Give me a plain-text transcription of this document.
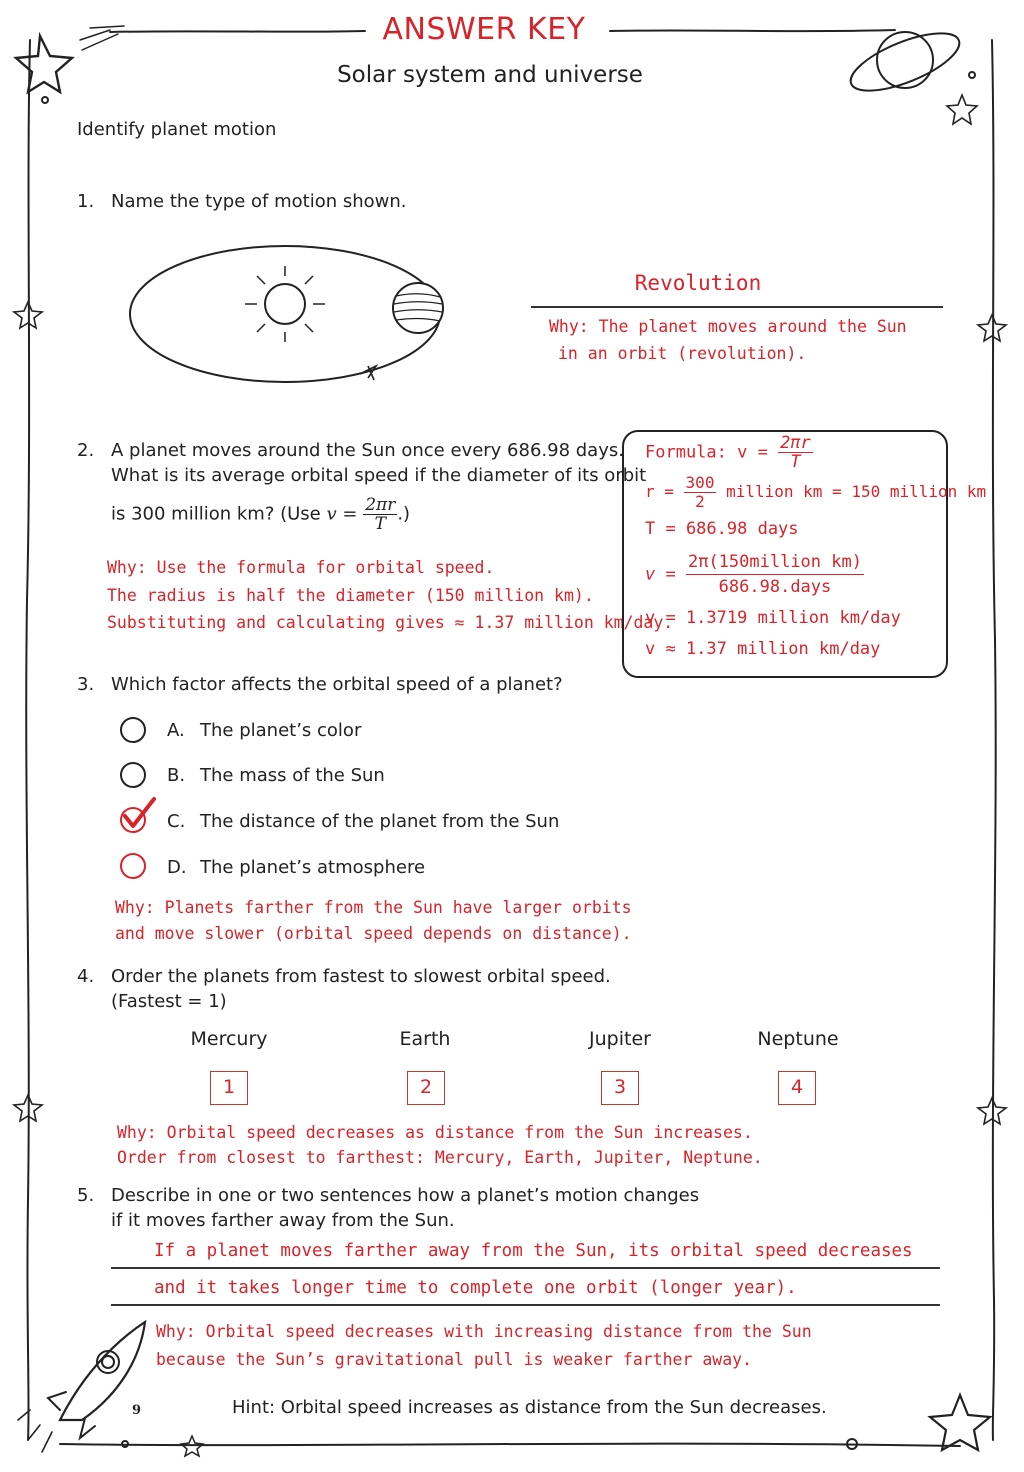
ANSWER KEY
Solar system and universe
Identify planet motion
1. Name the type of motion shown.
Revolution
Why: The planet moves around the Sun
in an orbit (revolution).
2. A planet moves around the Sun once every 686.98 days.
What is its average orbital speed if the diameter of its orbit
is 300 million km? (Use $v = \frac{2\pi r}{T}$ .)
Why: Use the formula for orbital speed.
The radius is half the diameter (150 million km).
Substituting and calculating gives ≈ 1.37 million km/day.
Formula: $v = \frac{2\pi r}{T}$
$r = \frac{300}{2}$ million km = 150 million km
T = 686.98 days
$v = \frac{\text{2π(150million km)}}{\text{686.98.days}}$
v = 1.3719 million km/day
v ≈ 1.37 million km/day
3. Which factor affects the orbital speed of a planet?
A. The planet’s color
B. The mass of the Sun
C. The distance of the planet from the Sun
D. The planet’s atmosphere
Why: Planets farther from the Sun have larger orbits
and move slower (orbital speed depends on distance).
4. Order the planets from fastest to slowest orbital speed.
(Fastest = 1)
Mercury	Earth	Jupiter	Neptune
1	2	3	4
Why: Orbital speed decreases as distance from the Sun increases.
Order from closest to farthest: Mercury, Earth, Jupiter, Neptune.
5. Describe in one or two sentences how a planet’s motion changes
if it moves farther away from the Sun.
If a planet moves farther away from the Sun, its orbital speed decreases
and it takes longer time to complete one orbit (longer year).
Why: Orbital speed decreases with increasing distance from the Sun
because the Sun’s gravitational pull is weaker farther away.
9	Hint: Orbital speed increases as distance from the Sun decreases.
